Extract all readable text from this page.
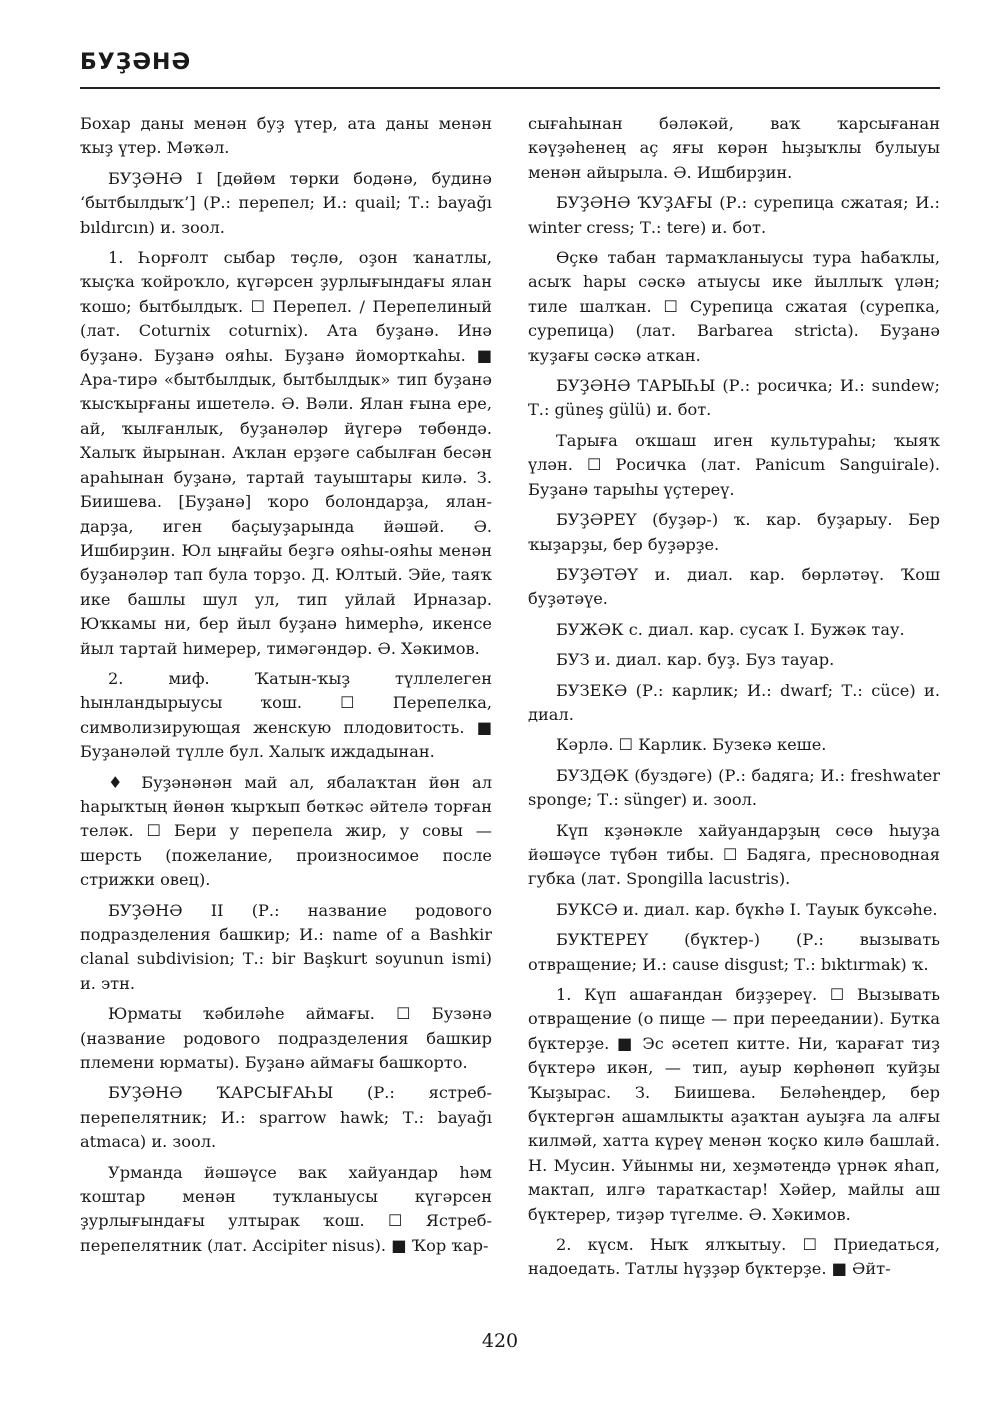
БУҘӘНӘ

Бохар даны менән буҙ үтер, ата даны менән ҡыҙ үтер. Мәҡәл.

БУҘӘНӘ I [дөйөм төрки бодәнә, будинә ‘бытбылдыҡ’] (Р.: перепел; И.: quail; Т.: bayağı bıldırcın) и. зоол.

1. Һорғолт сыбар төҫлө, оҙон ҡанатлы, ҡыҫҡа ҡойроҡло, күгәрсен ҙурлығындағы ялан ҡошо; бытбылдыҡ. ☐ Перепел. / Перепелиный (лат. Coturnix coturnix). Ата буҙанә. Инә буҙанә. Буҙанә ояһы. Буҙанә йоморткаһы. ■ Ара-тирә «бытбылдык, бытбылдык» тип буҙанә ҡысҡырғаны ишетелә. Ә. Вәли. Ялан ғына ере, ай, ҡылғанлык, буҙанәләр йүгерә төбөндә. Халыҡ йырынан. Аҡлан ерҙәге сабылған бесән араһынан буҙанә, тартай тауыштары килә. З. Биишева. [Буҙанә] ҡоро болондарҙа, яландарҙа, иген баҫыуҙарында йәшәй. Ә. Ишбирҙин. Юл ыңғайы беҙгә ояһы-ояһы менән буҙанәләр тап була торҙо. Д. Юлтый. Эйе, таяҡ ике башлы шул ул, тип уйлай Ирназар. Юҡкамы ни, бер йыл буҙанә һимерһә, икенсе йыл тартай һимерер, тимәгәндәр. Ә. Хәкимов.

2. миф. Ҡатын-ҡыҙ түллелеген һынландырыусы ҡош. ☐ Перепелка, символизирующая женскую плодовитость. ■ Буҙанәләй түлле бул. Халыҡ иждадынан.

♦ Буҙәнәнән май ал, ябалаҡтан йөн ал һарыҡтың йөнөн ҡырҡып бөткәс әйтелә торған теләк. ☐ Бери у перепела жир, у совы — шерсть (пожелание, произносимое после стрижки овец).

БУҘӘНӘ II (Р.: название родового подразделения башкир; И.: name of a Bashkir clanal subdivision; Т.: bir Başkurt soyunun ismi) и. этн.

Юрматы ҡәбиләһе аймағы. ☐ Бузәнә (название родового подразделения башкир племени юрматы). Буҙанә аймағы башкорто.

БУҘӘНӘ ҠАРСЫҒАҺЫ (Р.: ястреб-перепелятник; И.: sparrow hawk; Т.: bayağı atmaca) и. зоол.

Урманда йәшәүсе вак хайуандар һәм ҡоштар менән туҡланыусы күгәрсен ҙурлығындағы ултырак ҡош. ☐ Ястреб-перепелятник (лат. Accipiter nisus). ■ Ҡор ҡар-

сығаһынан бәләкәй, ваҡ ҡарсығанан кәүҙәһенең аҫ яғы көрән һыҙыҡлы булыуы менән айырыла. Ә. Ишбирҙин.

БУҘӘНӘ ҠУҘАҒЫ (Р.: сурепица сжатая; И.: winter cress; Т.: tere) и. бот.

Өҫкө табан тармаҡланыусы тура һабаҡлы, асыҡ һары сәскә атыусы ике йыллыҡ үлән; тиле шалҡан. ☐ Сурепица сжатая (сурепка, сурепица) (лат. Barbarea stricta). Буҙанә ҡуҙағы сәскә аткан.

БУҘӘНӘ ТАРЫҺЫ (Р.: росичка; И.: sundew; Т.: güneş gülü) и. бот.

Тарыға оҡшаш иген культураһы; ҡыяҡ үлән. ☐ Росичка (лат. Panicum Sanguirale). Буҙанә тарыһы үҫтереү.

БУҘӘРЕҮ (буҙәр-) ҡ. кар. буҙарыу. Бер ҡыҙарҙы, бер буҙәрҙе.

БУҘӘТӘҮ и. диал. кар. бөрләтәү. Ҡош буҙәтәүе.

БУЖӘК с. диал. кар. сусаҡ I. Бужәк тау.

БУЗ и. диал. кар. буҙ. Буз тауар.

БУЗЕКӘ (Р.: карлик; И.: dwarf; Т.: cüce) и. диал.

Кәрлә. ☐ Карлик. Бузекә кеше.

БУЗДӘК (буздәге) (Р.: бадяга; И.: freshwater sponge; Т.: sünger) и. зоол.

Күп кҙәнәкле хайуандарҙың сөсө һыуҙа йәшәүсе түбән тибы. ☐ Бадяга, пресноводная губка (лат. Spongilla lacustris).

БУКСӘ и. диал. кар. бүкһә I. Тауык буксәһе.

БУКТЕРЕҮ (бүктер-) (Р.: вызывать отвращение; И.: cause disgust; Т.: bıktırmak) ҡ.

1. Күп ашағандан биҙҙереү. ☐ Вызывать отвращение (о пище — при переедании). Бутка бүктерҙе. ■ Эс әсетеп китте. Ни, ҡарағат тиҙ бүктерә икән, — тип, ауыр көрһөнөп ҡуйҙы Ҡыҙырас. З. Биишева. Беләһеңдер, бер бүктергән ашамлыкты аҙаҡтан ауыҙға ла алғы килмәй, хатта күреү менән ҡоҫко килә башлай. Н. Мусин. Уйынмы ни, хеҙмәтеңдә үрнәк яһап, мактап, илгә тараткастар! Хәйер, майлы аш бүктерер, тиҙәр түгелме. Ә. Хәкимов.

2. күсм. Ныҡ ялҡытыу. ☐ Приедаться, надоедать. Татлы һүҙҙәр бүктерҙе. ■ Әйт-

420
